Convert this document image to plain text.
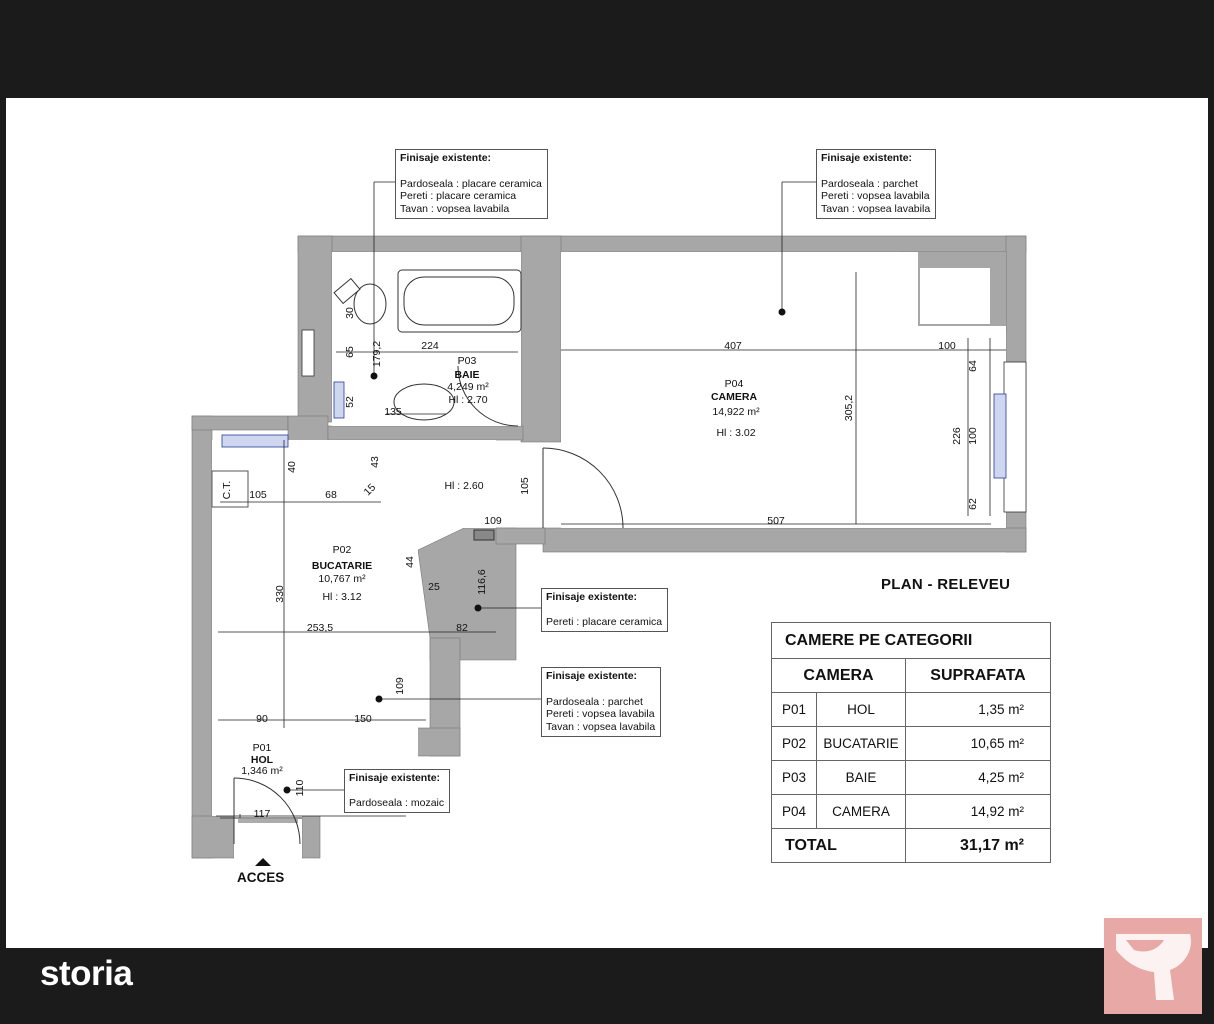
P03
BAIE
4,249 m²
Hl : 2.70
P04
CAMERA
14,922 m²
Hl : 3.02
Hl : 2.60
P02
BUCATARIE
10,767 m²
Hl : 3.12
P01
HOL
1,346 m²
C.T.
30
65
52
179,2	224
135
407	100
64
100
62
226
305,2
507
105
109
40	43
105
68 15
44
25	116,6
330
253,5	82
109
90	150
110
117
Finisaje existente:
Pardoseala : placare ceramica
Pereti : placare ceramica
Tavan : vopsea lavabila
Finisaje existente:
Pardoseala : parchet
Pereti : vopsea lavabila
Tavan : vopsea lavabila
Finisaje existente:
Pereti : placare ceramica
Finisaje existente:
Pardoseala : parchet
Pereti : vopsea lavabila
Tavan : vopsea lavabila
Finisaje existente:
Pardoseala : mozaic
PLAN - RELEVEU
ACCES
CAMERE PE CATEGORII		
CAMERA		SUPRAFATA
P01	HOL	1,35 m²
P02	BUCATARIE	10,65 m²
P03	BAIE	4,25 m²
P04	CAMERA	14,92 m²
TOTAL		31,17 m²
storia
